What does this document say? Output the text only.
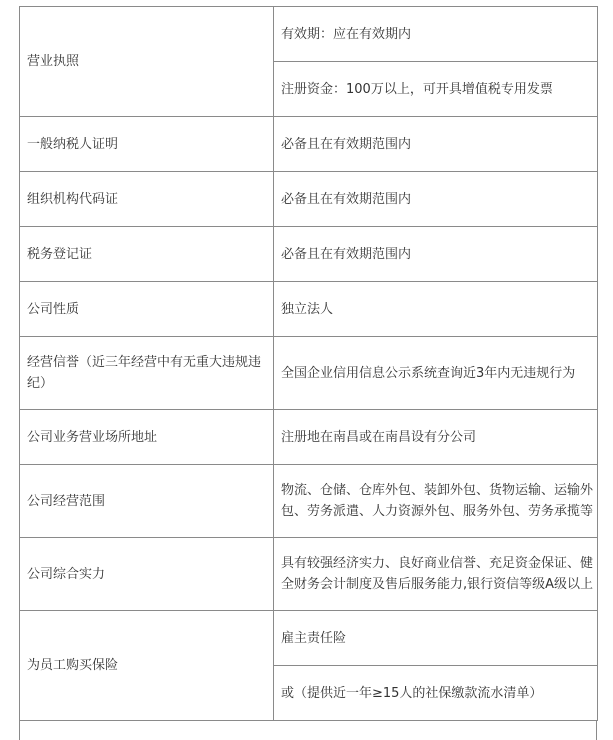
营业执照	有效期：应在有效期内
	注册资金：100万以上，可开具增值税专用发票
一般纳税人证明	必备且在有效期范围内
组织机构代码证	必备且在有效期范围内
税务登记证	必备且在有效期范围内
公司性质	独立法人
经营信誉（近三年经营中有无重大违规违纪）	全国企业信用信息公示系统查询近3年内无违规行为
公司业务营业场所地址	注册地在南昌或在南昌设有分公司
公司经营范围	物流、仓储、仓库外包、装卸外包、货物运输、运输外包、劳务派遣、人力资源外包、服务外包、劳务承揽等
公司综合实力	具有较强经济实力、良好商业信誉、充足资金保证、健全财务会计制度及售后服务能力,银行资信等级A级以上
为员工购买保险	雇主责任险
	或（提供近一年≥15人的社保缴款流水清单）
